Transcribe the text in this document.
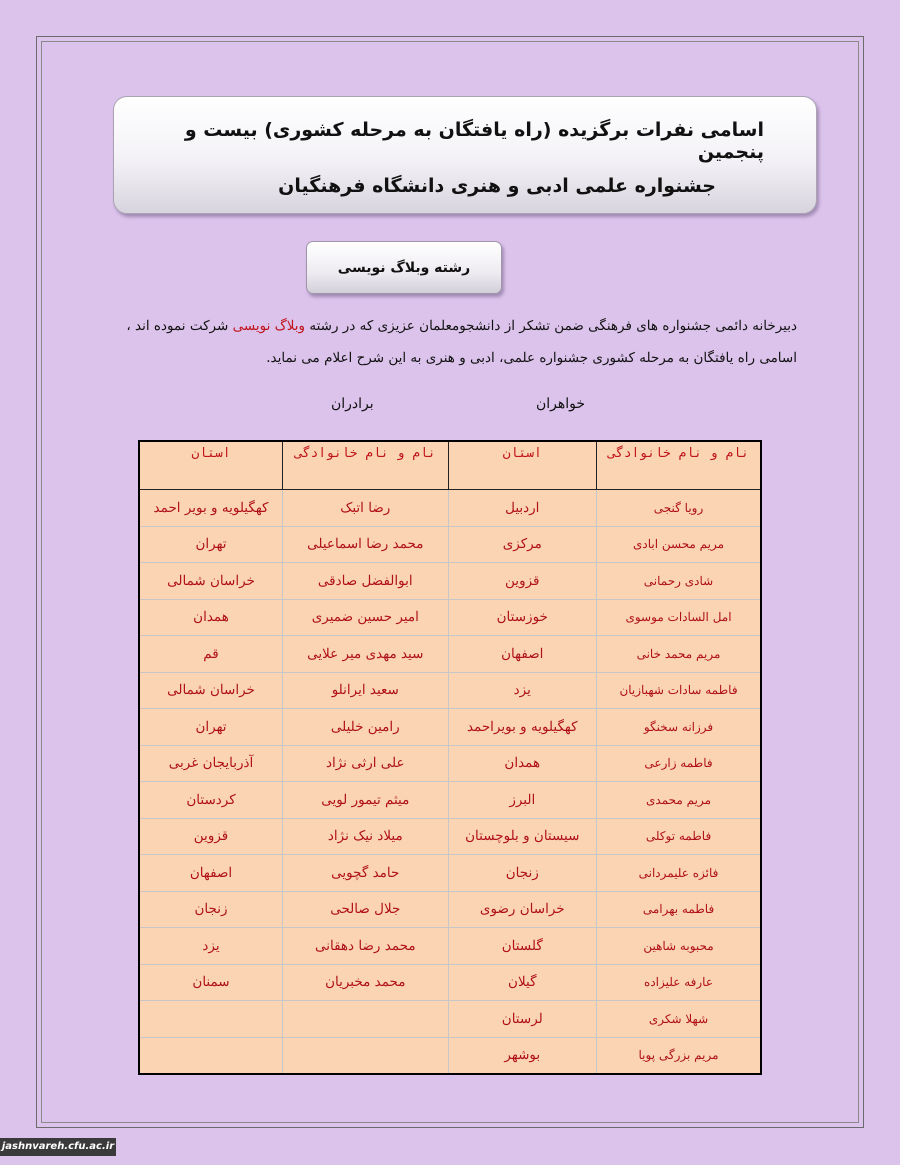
اسامی نفرات برگزیده (راه یافتگان به مرحله کشوری) بیست و پنجمین
جشنواره علمی ادبی و هنری دانشگاه فرهنگیان
رشته وبلاگ نویسی
دبیرخانه دائمی جشنواره های فرهنگی ضمن تشکر از دانشجومعلمان عزیزی که در رشته وبلاگ نویسی شرکت نموده اند ، اسامی راه یافتگان به مرحله کشوری جشنواره علمی، ادبی و هنری به این شرح اعلام می نماید.
خواهران
برادران
نام و نام خانوادگی	استان	نام و نام خانوادگی	استان
رویا گنجی	اردبیل	رضا اتبک	کهگیلویه و بویر احمد
مریم محسن ابادی	مرکزی	محمد رضا اسماعیلی	تهران
شادی رحمانی	قزوین	ابوالفضل صادقی	خراسان شمالی
امل السادات موسوی	خوزستان	امیر حسین ضمیری	همدان
مریم محمد خانی	اصفهان	سید مهدی میر علایی	قم
فاطمه سادات شهبازیان	یزد	سعید ایرانلو	خراسان شمالی
فرزانه سخنگو	کهگیلویه و بویراحمد	رامین خلیلی	تهران
فاطمه زارعی	همدان	علی ارثی نژاد	آذربایجان غربی
مریم محمدی	البرز	میثم تیمور لویی	کردستان
فاطمه توکلی	سیستان و بلوچستان	میلاد نیک نژاد	قزوین
فائزه علیمردانی	زنجان	حامد گچویی	اصفهان
فاطمه بهرامی	خراسان رضوی	جلال صالحی	زنجان
محبوبه شاهین	گلستان	محمد رضا دهقانی	یزد
عارفه علیزاده	گیلان	محمد مخبریان	سمنان
شهلا شکری	لرستان		
مریم بزرگی پویا	بوشهر		
jashnvareh.cfu.ac.ir
